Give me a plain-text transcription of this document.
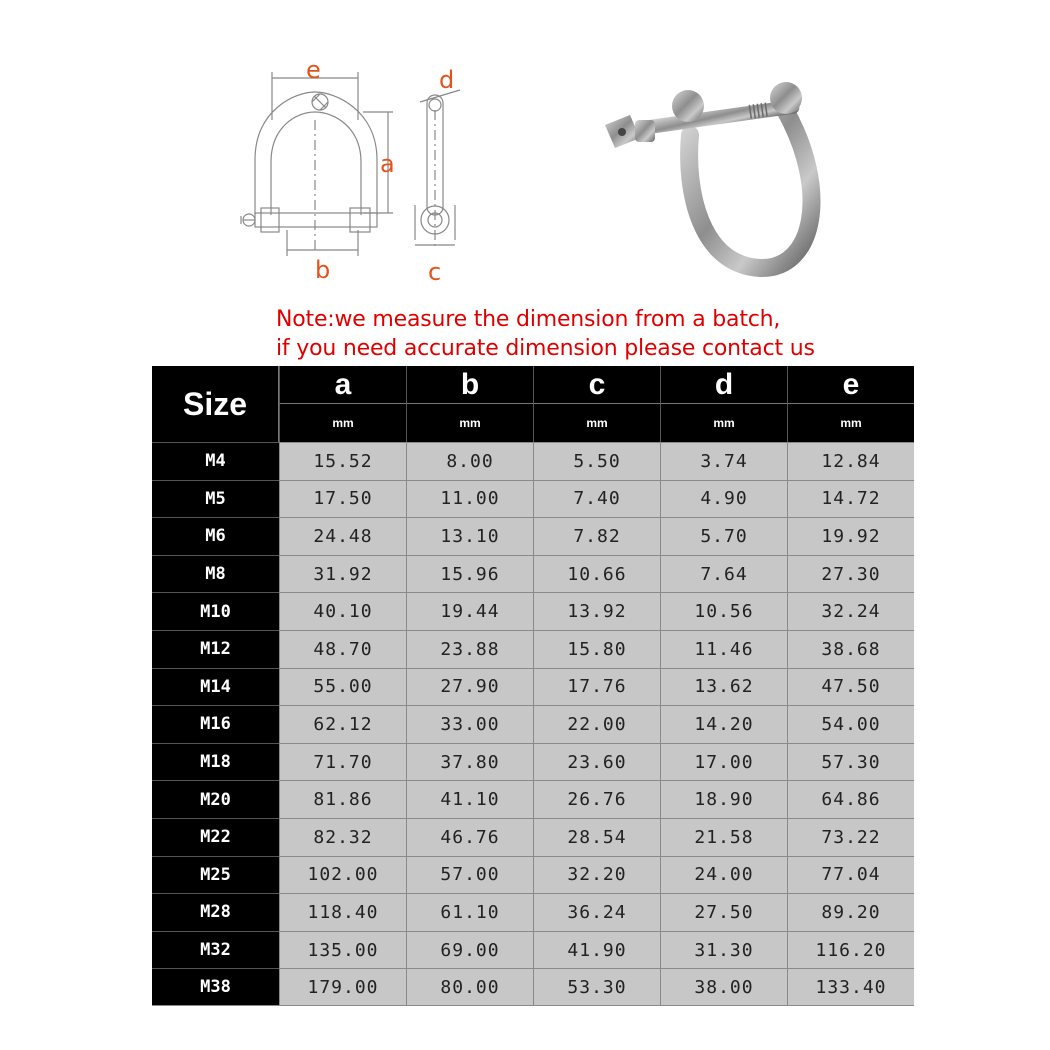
e	d
a
b	c
Note:we measure the dimension from a batch,
if you need accurate dimension please contact us
Size	a	b	c	d	e
	mm	mm	mm	mm	mm
M4	15.52	8.00	5.50	3.74	12.84
M5	17.50	11.00	7.40	4.90	14.72
M6	24.48	13.10	7.82	5.70	19.92
M8	31.92	15.96	10.66	7.64	27.30
M10	40.10	19.44	13.92	10.56	32.24
M12	48.70	23.88	15.80	11.46	38.68
M14	55.00	27.90	17.76	13.62	47.50
M16	62.12	33.00	22.00	14.20	54.00
M18	71.70	37.80	23.60	17.00	57.30
M20	81.86	41.10	26.76	18.90	64.86
M22	82.32	46.76	28.54	21.58	73.22
M25	102.00	57.00	32.20	24.00	77.04
M28	118.40	61.10	36.24	27.50	89.20
M32	135.00	69.00	41.90	31.30	116.20
M38	179.00	80.00	53.30	38.00	133.40
